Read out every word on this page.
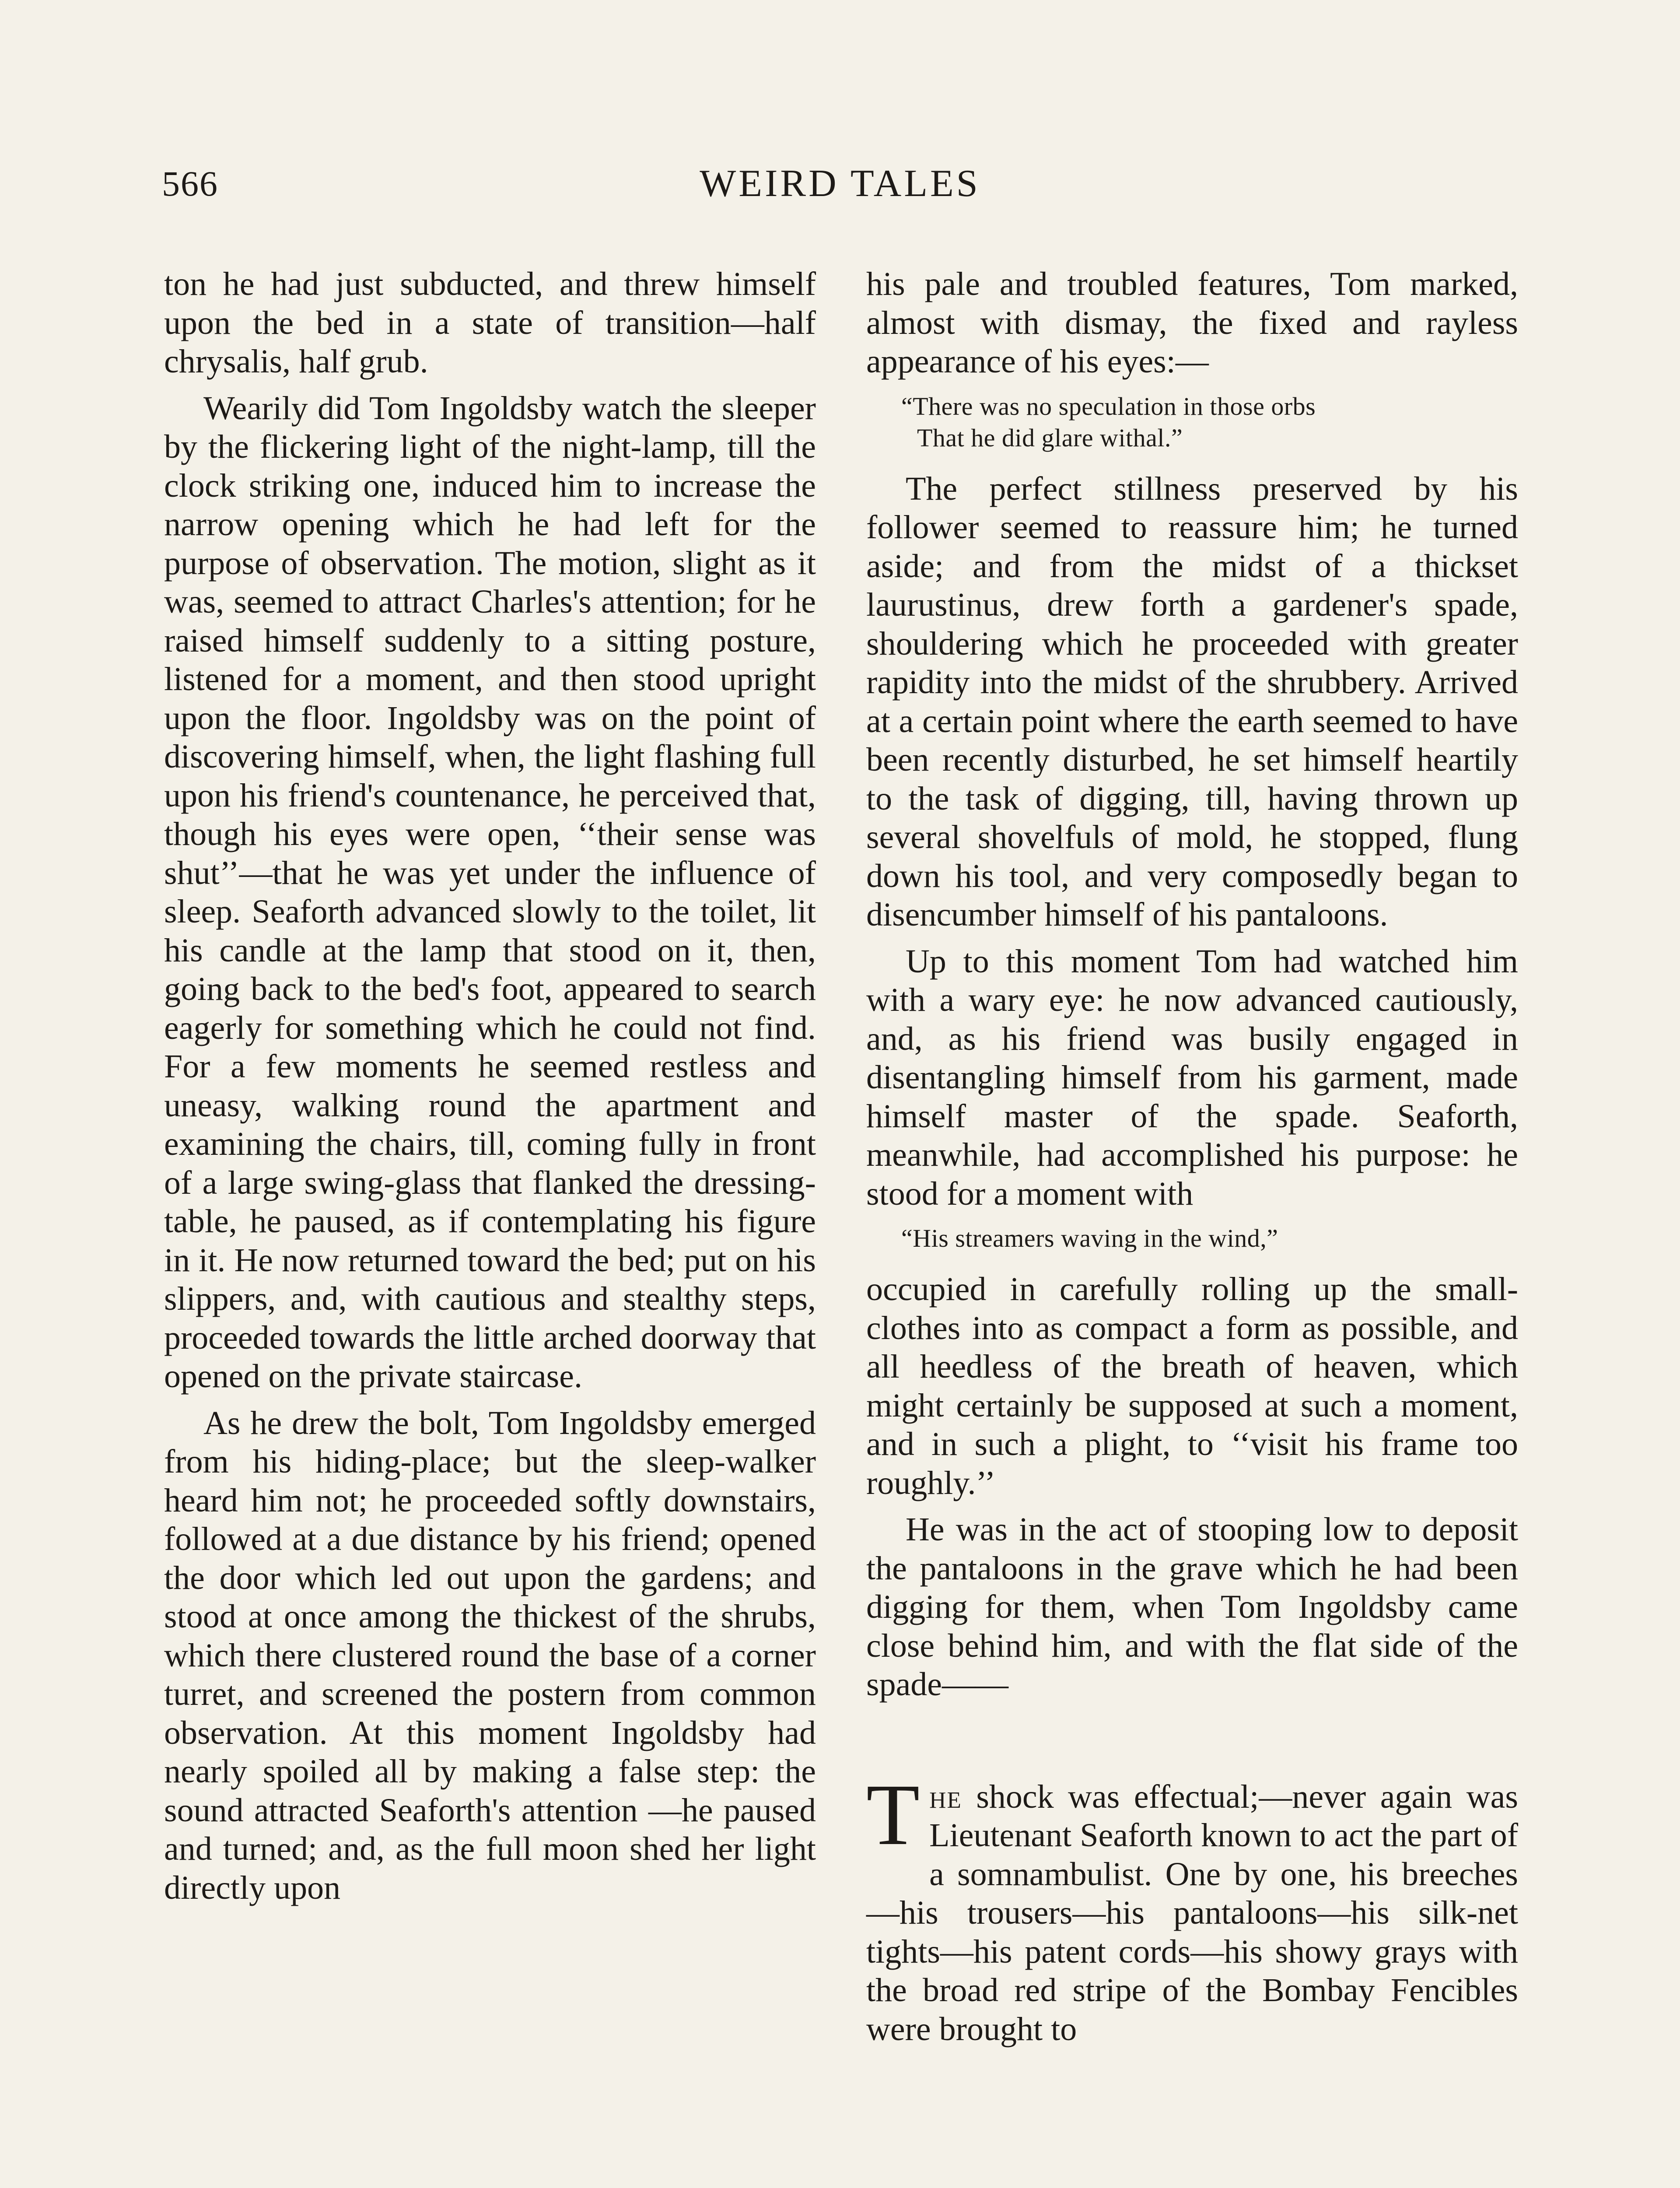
566	WEIRD TALES

ton he had just subducted, and threw himself upon the bed in a state of transition—half chrysalis, half grub.

Wearily did Tom Ingoldsby watch the sleeper by the flickering light of the night-lamp, till the clock striking one, induced him to increase the narrow opening which he had left for the purpose of observation. The motion, slight as it was, seemed to attract Charles's attention; for he raised himself suddenly to a sitting posture, listened for a moment, and then stood upright upon the floor. Ingoldsby was on the point of discovering himself, when, the light flashing full upon his friend's countenance, he perceived that, though his eyes were open, ‘‘their sense was shut’’—that he was yet under the influence of sleep. Seaforth advanced slowly to the toilet, lit his candle at the lamp that stood on it, then, going back to the bed's foot, appeared to search eagerly for something which he could not find. For a few moments he seemed restless and uneasy, walking round the apartment and examining the chairs, till, coming fully in front of a large swing-glass that flanked the dressing-table, he paused, as if contemplating his figure in it. He now returned toward the bed; put on his slippers, and, with cautious and stealthy steps, proceeded towards the little arched doorway that opened on the private staircase.

As he drew the bolt, Tom Ingoldsby emerged from his hiding-place; but the sleep-walker heard him not; he proceeded softly downstairs, followed at a due distance by his friend; opened the door which led out upon the gardens; and stood at once among the thickest of the shrubs, which there clustered round the base of a corner turret, and screened the postern from common observation. At this moment Ingoldsby had nearly spoiled all by making a false step: the sound attracted Seaforth's attention —he paused and turned; and, as the full moon shed her light directly upon

his pale and troubled features, Tom marked, almost with dismay, the fixed and rayless appearance of his eyes:—

“There was no speculation in those orbs
That he did glare withal.”

The perfect stillness preserved by his follower seemed to reassure him; he turned aside; and from the midst of a thickset laurustinus, drew forth a gardener's spade, shouldering which he proceeded with greater rapidity into the midst of the shrubbery. Arrived at a certain point where the earth seemed to have been recently disturbed, he set himself heartily to the task of digging, till, having thrown up several shovelfuls of mold, he stopped, flung down his tool, and very composedly began to disencumber himself of his pantaloons.

Up to this moment Tom had watched him with a wary eye: he now advanced cautiously, and, as his friend was busily engaged in disentangling himself from his garment, made himself master of the spade. Seaforth, meanwhile, had accomplished his purpose: he stood for a moment with

“His streamers waving in the wind,”

occupied in carefully rolling up the small-clothes into as compact a form as possible, and all heedless of the breath of heaven, which might certainly be supposed at such a moment, and in such a plight, to ‘‘visit his frame too roughly.’’

He was in the act of stooping low to deposit the pantaloons in the grave which he had been digging for them, when Tom Ingoldsby came close behind him, and with the flat side of the spade——

The shock was effectual;—never again was Lieutenant Seaforth known to act the part of a somnambulist. One by one, his breeches—his trousers—his pantaloons—his silk-net tights—his patent cords—his showy grays with the broad red stripe of the Bombay Fencibles were brought to
